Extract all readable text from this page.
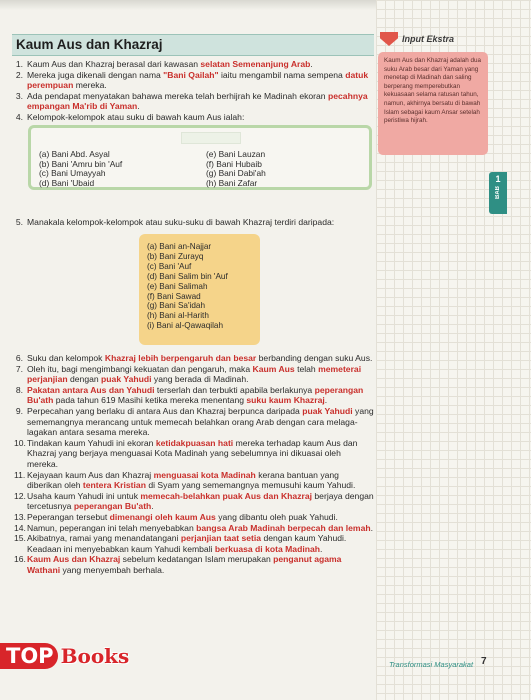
Kaum Aus dan Khazraj	Input Ekstra
Kaum Aus dan Khazraj adalah dua suku Arab besar dari Yaman yang menetap di Madinah dan saling berperang memperebutkan kekuasaan selama ratusan tahun, namun, akhirnya bersatu di bawah Islam sebagai kaum Ansar setelah peristiwa hijrah.
1
BAB
1. Kaum Aus dan Khazraj berasal dari kawasan selatan Semenanjung Arab.
2. Mereka juga dikenali dengan nama "Bani Qailah" iaitu mengambil nama sempena datuk perempuan mereka.
3. Ada pendapat menyatakan bahawa mereka telah berhijrah ke Madinah ekoran pecahnya empangan Ma'rib di Yaman.
4. Kelompok-kelompok atau suku di bawah kaum Aus ialah:
(a) Bani Abd. Asyal
(b) Bani 'Amru bin 'Auf
(c) Bani Umayyah
(d) Bani 'Ubaid
(e) Bani Lauzan
(f) Bani Hubaib
(g) Bani Dabi'ah
(h) Bani Zafar
5. Manakala kelompok-kelompok atau suku-suku di bawah Khazraj terdiri daripada:
(a) Bani an-Najjar
(b) Bani Zurayq
(c) Bani 'Auf
(d) Bani Salim bin 'Auf
(e) Bani Salimah
(f) Bani Sawad
(g) Bani Sa'idah
(h) Bani al-Harith
(i) Bani al-Qawaqilah
6. Suku dan kelompok Khazraj lebih berpengaruh dan besar berbanding dengan suku Aus.
7. Oleh itu, bagi mengimbangi kekuatan dan pengaruh, maka Kaum Aus telah memeterai perjanjian dengan puak Yahudi yang berada di Madinah.
8. Pakatan antara Aus dan Yahudi terserlah dan terbukti apabila berlakunya peperangan Bu'ath pada tahun 619 Masihi ketika mereka menentang suku kaum Khazraj.
9. Perpecahan yang berlaku di antara Aus dan Khazraj berpunca daripada puak Yahudi yang sememangnya merancang untuk memecah belahkan orang Arab dengan cara melaga-lagakan antara sesama mereka.
10. Tindakan kaum Yahudi ini ekoran ketidakpuasan hati mereka terhadap kaum Aus dan Khazraj yang berjaya menguasai Kota Madinah yang sebelumnya ini dikuasai oleh mereka.
11. Kejayaan kaum Aus dan Khazraj menguasai kota Madinah kerana bantuan yang diberikan oleh tentera Kristian di Syam yang sememangnya memusuhi kaum Yahudi.
12. Usaha kaum Yahudi ini untuk memecah-belahkan puak Aus dan Khazraj berjaya dengan tercetusnya peperangan Bu'ath.
13. Peperangan tersebut dimenangi oleh kaum Aus yang dibantu oleh puak Yahudi.
14. Namun, peperangan ini telah menyebabkan bangsa Arab Madinah berpecah dan lemah.
15. Akibatnya, ramai yang menandatangani perjanjian taat setia dengan kaum Yahudi. Keadaan ini menyebabkan kaum Yahudi kembali berkuasa di kota Madinah.
16. Kaum Aus dan Khazraj sebelum kedatangan Islam merupakan penganut agama Wathani yang menyembah berhala.
Transformasi Masyarakat 7
TOP Books
